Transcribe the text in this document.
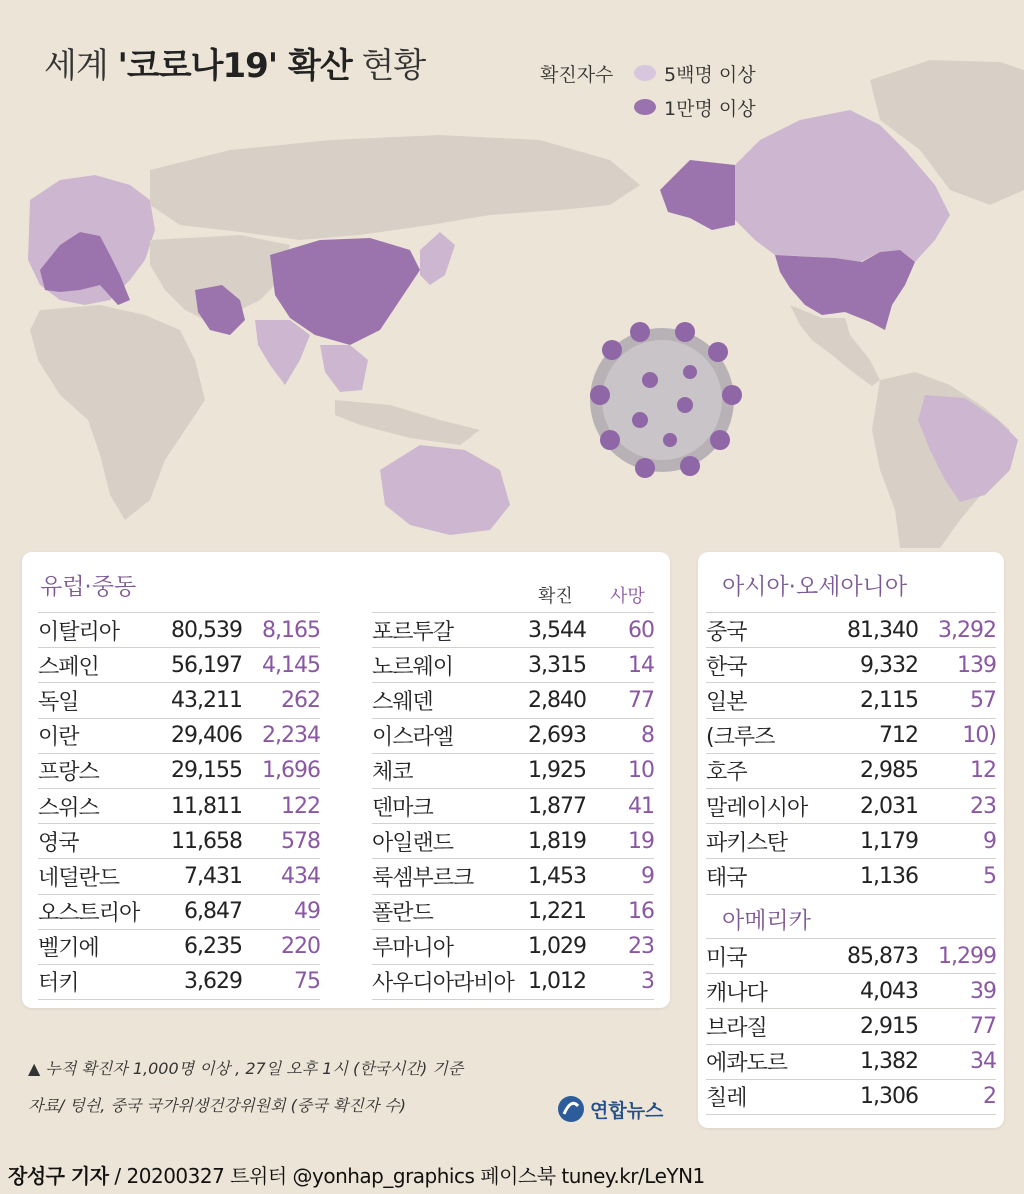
세계 '코로나19' 확산 현황	확진자수	5백명 이상
1만명 이상
유럽·중동	확진 사망
이탈리아	80,539	8,165
스페인	56,197	4,145
독일	43,211	262
이란	29,406	2,234
프랑스	29,155	1,696
스위스	11,811	122
영국	11,658	578
네덜란드	7,431	434
오스트리아	6,847	49
벨기에	6,235	220
터키	3,629	75
포르투갈	3,544	60
노르웨이	3,315	14
스웨덴	2,840	77
이스라엘	2,693	8
체코	1,925	10
덴마크	1,877	41
아일랜드	1,819	19
룩셈부르크	1,453	9
폴란드	1,221	16
루마니아	1,029	23
사우디아라비아	1,012	3
▲ 누적 확진자 1,000명 이상 , 27일 오후 1시 (한국시간) 기준
자료/ 텅쉰, 중국 국가위생건강위원회 (중국 확진자 수)
아시아·오세아니아
중국	81,340	3,292
한국	9,332	139
일본	2,115	57
(크루즈	712	10)
호주	2,985	12
말레이시아	2,031	23
파키스탄	1,179	9
태국	1,136	5
아메리카
미국	85,873	1,299
캐나다	4,043	39
브라질	2,915	77
에콰도르	1,382	34
칠레	1,306	2
연합뉴스
장성구 기자 / 20200327 트위터 @yonhap_graphics 페이스북 tuney.kr/LeYN1
